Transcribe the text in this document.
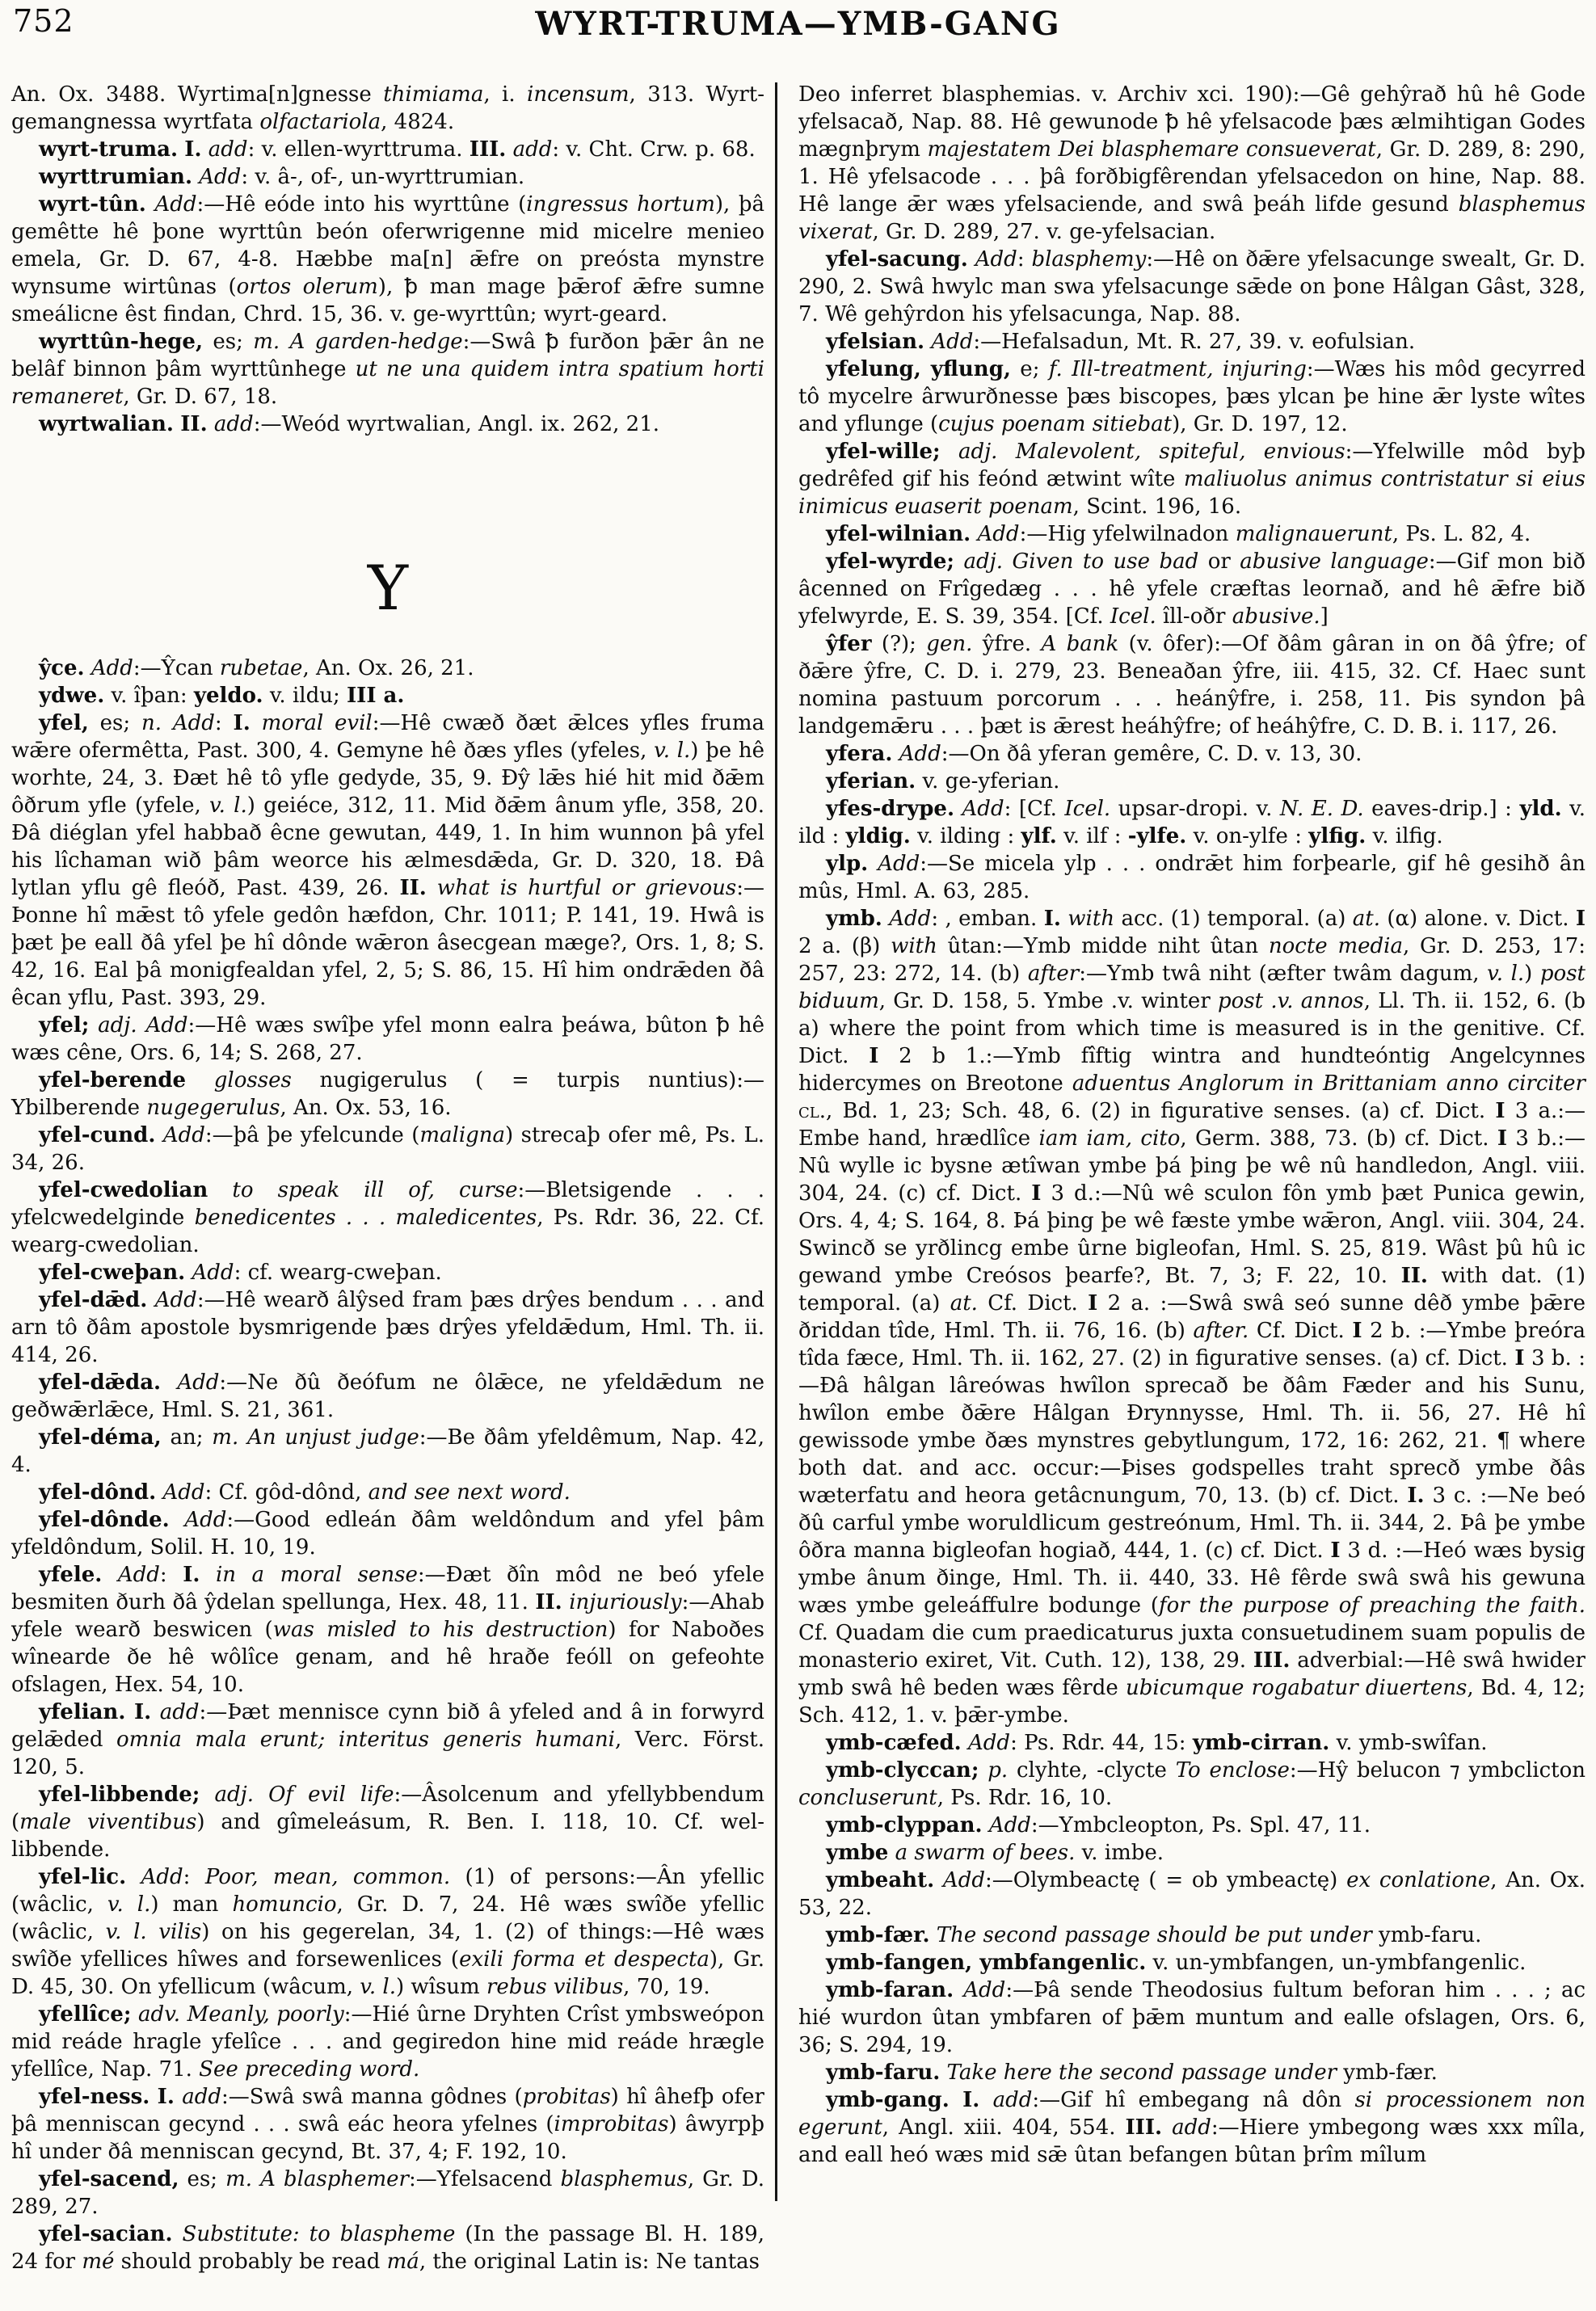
752	WYRT-TRUMA—YMB-GANG

An. Ox. 3488. Wyrtima[n]gnesse thimiama, i. incensum, 313. Wyrt-gemangnessa wyrtfata olfactariola, 4824.

wyrt-truma. I. add: v. ellen-wyrttruma. III. add: v. Cht. Crw. p. 68.

wyrttrumian. Add: v. â-, of-, un-wyrttrumian.

wyrt-tûn. Add:—Hê eóde into his wyrttûne (ingressus hortum), þâ gemêtte hê þone wyrttûn beón oferwrigenne mid micelre menieo emela, Gr. D. 67, 4-8. Hæbbe ma[n] ǣfre on preósta mynstre wynsume wirtûnas (ortos olerum), ꝥ man mage þǣrof ǣfre sumne smeálicne êst findan, Chrd. 15, 36. v. ge-wyrttûn; wyrt-geard.

wyrttûn-hege, es; m. A garden-hedge:—Swâ ꝥ furðon þǣr ân ne belâf binnon þâm wyrttûnhege ut ne una quidem intra spatium horti remaneret, Gr. D. 67, 18.

wyrtwalian. II. add:—Weód wyrtwalian, Angl. ix. 262, 21.

Y

ŷce. Add:—Ŷcan rubetae, An. Ox. 26, 21.

ydwe. v. îþan: yeldo. v. ildu; III a.

yfel, es; n. Add: I. moral evil:—Hê cwæð ðæt ǣlces yfles fruma wǣre ofermêtta, Past. 300, 4. Gemyne hê ðæs yfles (yfeles, v. l.) þe hê worhte, 24, 3. Ðæt hê tô yfle gedyde, 35, 9. Ðŷ lǣs hié hit mid ðǣm ôðrum yfle (yfele, v. l.) geiéce, 312, 11. Mid ðǣm ânum yfle, 358, 20. Ðâ diéglan yfel habbað êcne gewutan, 449, 1. In him wunnon þâ yfel his lîchaman wið þâm weorce his ælmesdǣda, Gr. D. 320, 18. Ðâ lytlan yflu gê fleóð, Past. 439, 26. II. what is hurtful or grievous:—Þonne hî mǣst tô yfele gedôn hæfdon, Chr. 1011; P. 141, 19. Hwâ is þæt þe eall ðâ yfel þe hî dônde wǣron âsecgean mæge?, Ors. 1, 8; S. 42, 16. Eal þâ monigfealdan yfel, 2, 5; S. 86, 15. Hî him ondrǣden ðâ êcan yflu, Past. 393, 29.

yfel; adj. Add:—Hê wæs swîþe yfel monn ealra þeáwa, bûton ꝥ hê wæs cêne, Ors. 6, 14; S. 268, 27.

yfel-berende glosses nugigerulus ( = turpis nuntius):—Ybilberende nugegerulus, An. Ox. 53, 16.

yfel-cund. Add:—þâ þe yfelcunde (maligna) strecaþ ofer mê, Ps. L. 34, 26.

yfel-cwedolian to speak ill of, curse:—Bletsigende . . . yfelcwedelginde benedicentes . . . maledicentes, Ps. Rdr. 36, 22. Cf. wearg-cwedolian.

yfel-cweþan. Add: cf. wearg-cweþan.

yfel-dǣd. Add:—Hê wearð âlŷsed fram þæs drŷes bendum . . . and arn tô ðâm apostole bysmrigende þæs drŷes yfeldǣdum, Hml. Th. ii. 414, 26.

yfel-dǣda. Add:—Ne ðû ðeófum ne ôlǣce, ne yfeldǣdum ne geðwǣrlǣce, Hml. S. 21, 361.

yfel-déma, an; m. An unjust judge:—Be ðâm yfeldêmum, Nap. 42, 4.

yfel-dônd. Add: Cf. gôd-dônd, and see next word.

yfel-dônde. Add:—Good edleán ðâm weldôndum and yfel þâm yfeldôndum, Solil. H. 10, 19.

yfele. Add: I. in a moral sense:—Ðæt ðîn môd ne beó yfele besmiten ðurh ðâ ŷdelan spellunga, Hex. 48, 11. II. injuriously:—Ahab yfele wearð beswicen (was misled to his destruction) for Naboðes wînearde ðe hê wôlîce genam, and hê hraðe feóll on gefeohte ofslagen, Hex. 54, 10.

yfelian. I. add:—Þæt mennisce cynn bið â yfeled and â in forwyrd gelǣded omnia mala erunt; interitus generis humani, Verc. Först. 120, 5.

yfel-libbende; adj. Of evil life:—Âsolcenum and yfellybbendum (male viventibus) and gîmeleásum, R. Ben. I. 118, 10. Cf. wel-libbende.

yfel-lic. Add: Poor, mean, common. (1) of persons:—Ân yfellic (wâclic, v. l.) man homuncio, Gr. D. 7, 24. Hê wæs swîðe yfellic (wâclic, v. l. vilis) on his gegerelan, 34, 1. (2) of things:—Hê wæs swîðe yfellices hîwes and forsewenlices (exili forma et despecta), Gr. D. 45, 30. On yfellicum (wâcum, v. l.) wîsum rebus vilibus, 70, 19.

yfellîce; adv. Meanly, poorly:—Hié ûrne Dryhten Crîst ymbsweópon mid reáde hragle yfelîce . . . and gegiredon hine mid reáde hrægle yfellîce, Nap. 71. See preceding word.

yfel-ness. I. add:—Swâ swâ manna gôdnes (probitas) hî âhefþ ofer þâ menniscan gecynd . . . swâ eác heora yfelnes (improbitas) âwyrpþ hî under ðâ menniscan gecynd, Bt. 37, 4; F. 192, 10.

yfel-sacend, es; m. A blasphemer:—Yfelsacend blasphemus, Gr. D. 289, 27.

yfel-sacian. Substitute: to blaspheme (In the passage Bl. H. 189, 24 for mé should probably be read má, the original Latin is: Ne tantas

Deo inferret blasphemias. v. Archiv xci. 190):—Gê gehŷrað hû hê Gode yfelsacað, Nap. 88. Hê gewunode ꝥ hê yfelsacode þæs ælmihtigan Godes mægnþrym majestatem Dei blasphemare consueverat, Gr. D. 289, 8: 290, 1. Hê yfelsacode . . . þâ forðbigfêrendan yfelsacedon on hine, Nap. 88. Hê lange ǣr wæs yfelsaciende, and swâ þeáh lifde gesund blasphemus vixerat, Gr. D. 289, 27. v. ge-yfelsacian.

yfel-sacung. Add: blasphemy:—Hê on ðǣre yfelsacunge swealt, Gr. D. 290, 2. Swâ hwylc man swa yfelsacunge sǣde on þone Hâlgan Gâst, 328, 7. Wê gehŷrdon his yfelsacunga, Nap. 88.

yfelsian. Add:—Hefalsadun, Mt. R. 27, 39. v. eofulsian.

yfelung, yflung, e; f. Ill-treatment, injuring:—Wæs his môd gecyrred tô mycelre ârwurðnesse þæs biscopes, þæs ylcan þe hine ǣr lyste wîtes and yflunge (cujus poenam sitiebat), Gr. D. 197, 12.

yfel-wille; adj. Malevolent, spiteful, envious:—Yfelwille môd byþ gedrêfed gif his feónd ætwint wîte maliuolus animus contristatur si eius inimicus euaserit poenam, Scint. 196, 16.

yfel-wilnian. Add:—Hig yfelwilnadon malignauerunt, Ps. L. 82, 4.

yfel-wyrde; adj. Given to use bad or abusive language:—Gif mon bið âcenned on Frîgedæg . . . hê yfele cræftas leornað, and hê ǣfre bið yfelwyrde, E. S. 39, 354. [Cf. Icel. îll-oðr abusive.]

ŷfer (?); gen. ŷfre. A bank (v. ôfer):—Of ðâm gâran in on ðâ ŷfre; of ðǣre ŷfre, C. D. i. 279, 23. Beneaðan ŷfre, iii. 415, 32. Cf. Haec sunt nomina pastuum porcorum . . . heánŷfre, i. 258, 11. Þis syndon þâ landgemǣru . . . þæt is ǣrest heáhŷfre; of heáhŷfre, C. D. B. i. 117, 26.

yfera. Add:—On ðâ yferan gemêre, C. D. v. 13, 30.

yferian. v. ge-yferian.

yfes-drype. Add: [Cf. Icel. upsar-dropi. v. N. E. D. eaves-drip.] : yld. v. ild : yldig. v. ilding : ylf. v. ilf : -ylfe. v. on-ylfe : ylfig. v. ilfig.

ylp. Add:—Se micela ylp . . . ondrǣt him forþearle, gif hê gesihð ân mûs, Hml. A. 63, 285.

ymb. Add: , emban. I. with acc. (1) temporal. (a) at. (α) alone. v. Dict. I 2 a. (β) with ûtan:—Ymb midde niht ûtan nocte media, Gr. D. 253, 17: 257, 23: 272, 14. (b) after:—Ymb twâ niht (æfter twâm dagum, v. l.) post biduum, Gr. D. 158, 5. Ymbe .v. winter post .v. annos, Ll. Th. ii. 152, 6. (b a) where the point from which time is measured is in the genitive. Cf. Dict. I 2 b 1.:—Ymb fîftig wintra and hundteóntig Angelcynnes hidercymes on Breotone aduentus Anglorum in Brittaniam anno circiter cl., Bd. 1, 23; Sch. 48, 6. (2) in figurative senses. (a) cf. Dict. I 3 a.:—Embe hand, hrædlîce iam iam, cito, Germ. 388, 73. (b) cf. Dict. I 3 b.:—Nû wylle ic bysne ætîwan ymbe þá þing þe wê nû handledon, Angl. viii. 304, 24. (c) cf. Dict. I 3 d.:—Nû wê sculon fôn ymb þæt Punica gewin, Ors. 4, 4; S. 164, 8. Þá þing þe wê fæste ymbe wǣron, Angl. viii. 304, 24. Swincð se yrðlincg embe ûrne bigleofan, Hml. S. 25, 819. Wâst þû hû ic gewand ymbe Creósos þearfe?, Bt. 7, 3; F. 22, 10. II. with dat. (1) temporal. (a) at. Cf. Dict. I 2 a. :—Swâ swâ seó sunne dêð ymbe þǣre ðriddan tîde, Hml. Th. ii. 76, 16. (b) after. Cf. Dict. I 2 b. :—Ymbe þreóra tîda fæce, Hml. Th. ii. 162, 27. (2) in figurative senses. (a) cf. Dict. I 3 b. :—Ðâ hâlgan lâreówas hwîlon sprecað be ðâm Fæder and his Sunu, hwîlon embe ðǣre Hâlgan Ðrynnysse, Hml. Th. ii. 56, 27. Hê hî gewissode ymbe ðæs mynstres gebytlungum, 172, 16: 262, 21. ¶ where both dat. and acc. occur:—Þises godspelles traht sprecð ymbe ðâs wæterfatu and heora getâcnungum, 70, 13. (b) cf. Dict. I. 3 c. :—Ne beó ðû carful ymbe woruldlicum gestreónum, Hml. Th. ii. 344, 2. Þâ þe ymbe ôðra manna bigleofan hogiað, 444, 1. (c) cf. Dict. I 3 d. :—Heó wæs bysig ymbe ânum ðinge, Hml. Th. ii. 440, 33. Hê fêrde swâ swâ his gewuna wæs ymbe geleáffulre bodunge (for the purpose of preaching the faith. Cf. Quadam die cum praedicaturus juxta consuetudinem suam populis de monasterio exiret, Vit. Cuth. 12), 138, 29. III. adverbial:—Hê swâ hwider ymb swâ hê beden wæs fêrde ubicumque rogabatur diuertens, Bd. 4, 12; Sch. 412, 1. v. þǣr-ymbe.

ymb-cæfed. Add: Ps. Rdr. 44, 15: ymb-cirran. v. ymb-swîfan.

ymb-clyccan; p. clyhte, -clycte To enclose:—Hŷ belucon ⁊ ymbclicton concluserunt, Ps. Rdr. 16, 10.

ymb-clyppan. Add:—Ymbcleopton, Ps. Spl. 47, 11.

ymbe a swarm of bees. v. imbe.

ymbeaht. Add:—Olymbeactę ( = ob ymbeactę) ex conlatione, An. Ox. 53, 22.

ymb-fær. The second passage should be put under ymb-faru.

ymb-fangen, ymbfangenlic. v. un-ymbfangen, un-ymbfangenlic.

ymb-faran. Add:—Þâ sende Theodosius fultum beforan him . . . ; ac hié wurdon ûtan ymbfaren of þǣm muntum and ealle ofslagen, Ors. 6, 36; S. 294, 19.

ymb-faru. Take here the second passage under ymb-fær.

ymb-gang. I. add:—Gif hî embegang nâ dôn si processionem non egerunt, Angl. xiii. 404, 554. III. add:—Hiere ymbegong wæs xxx mîla, and eall heó wæs mid sǣ ûtan befangen bûtan þrîm mîlum
